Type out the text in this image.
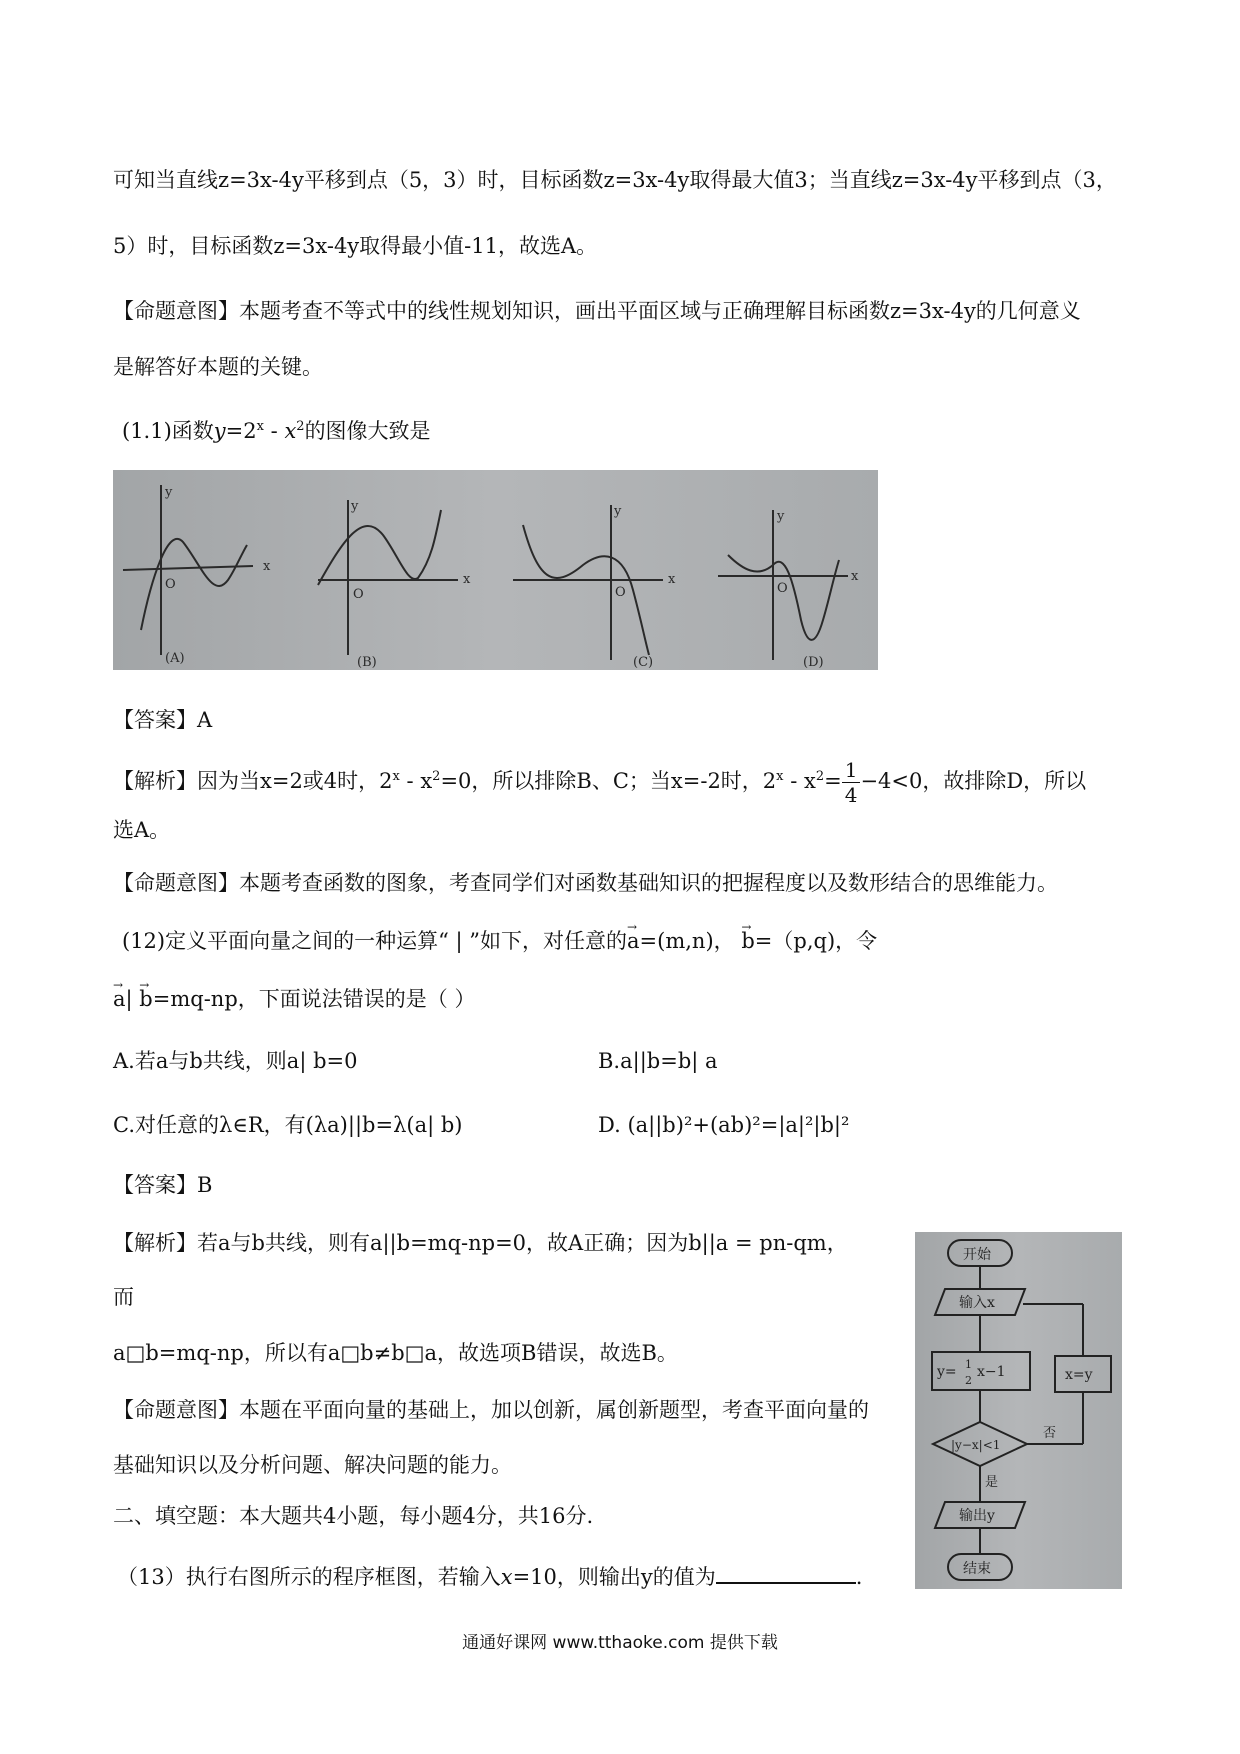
可知当直线z=3x-4y平移到点（5，3）时，目标函数z=3x-4y取得最大值3；当直线z=3x-4y平移到点（3，
5）时，目标函数z=3x-4y取得最小值-11，故选A。
【命题意图】本题考查不等式中的线性规划知识，画出平面区域与正确理解目标函数z=3x-4y的几何意义
是解答好本题的关键。
(1.1)函数$y=2^x - x^2$的图像大致是
x
y
O	x
y
O
x
y
O
x
y
O
(A)	(B)	(C)	(D)
【答案】A
【解析】因为当x=2或4时，$2^x - x^2=0$，所以排除B、C；当x=-2时，$2^x - x^2= \frac{1}{4} -4<0$，故排除D，所以
选A。
【命题意图】本题考查函数的图象，考查同学们对函数基础知识的把握程度以及数形结合的思维能力。
(12)定义平面向量之间的一种运算“ | ”如下，对任意的→ a=(m,n)， → b=（p,q)，令
→ a| → b=mq-np，下面说法错误的是（ ）
A.若a与b共线，则a| b=0	B.a||b=b| a
C.对任意的λ∈R，有(λa)||b=λ(a| b)	D. (a||b)²+(ab)²=|a|²|b|²
【答案】B
【解析】若a与b共线，则有a||b=mq-np=0，故A正确；因为b||a = pn-qm，
而
a□b=mq-np，所以有a□b≠b□a，故选项B错误，故选B。
【命题意图】本题在平面向量的基础上，加以创新，属创新题型，考查平面向量的
基础知识以及分析问题、解决问题的能力。
二、填空题：本大题共4小题，每小题4分，共16分.
（13）执行右图所示的程序框图，若输入x=10，则输出y的值为	.
开始
输入x
y= 1
2
x−1
|y−x|<1
x=y
否
是
输出y
结束
通通好课网 www.tthaoke.com 提供下载
